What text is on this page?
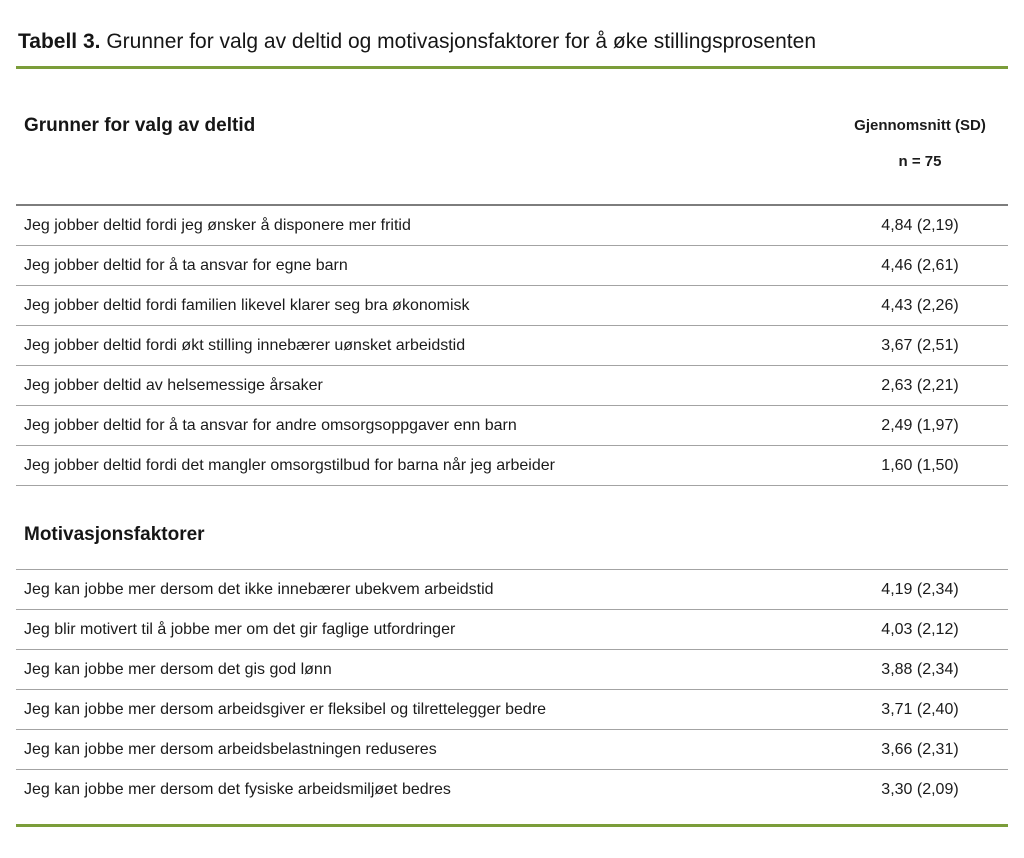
Tabell 3. Grunner for valg av deltid og motivasjonsfaktorer for å øke stillingsprosenten
Grunner for valg av deltid	Gjennomsnitt (SD)
n = 75
Jeg jobber deltid fordi jeg ønsker å disponere mer fritid	4,84 (2,19)
Jeg jobber deltid for å ta ansvar for egne barn	4,46 (2,61)
Jeg jobber deltid fordi familien likevel klarer seg bra økonomisk	4,43 (2,26)
Jeg jobber deltid fordi økt stilling innebærer uønsket arbeidstid	3,67 (2,51)
Jeg jobber deltid av helsemessige årsaker	2,63 (2,21)
Jeg jobber deltid for å ta ansvar for andre omsorgsoppgaver enn barn	2,49 (1,97)
Jeg jobber deltid fordi det mangler omsorgstilbud for barna når jeg arbeider	1,60 (1,50)
Motivasjonsfaktorer
Jeg kan jobbe mer dersom det ikke innebærer ubekvem arbeidstid	4,19 (2,34)
Jeg blir motivert til å jobbe mer om det gir faglige utfordringer	4,03 (2,12)
Jeg kan jobbe mer dersom det gis god lønn	3,88 (2,34)
Jeg kan jobbe mer dersom arbeidsgiver er fleksibel og tilrettelegger bedre	3,71 (2,40)
Jeg kan jobbe mer dersom arbeidsbelastningen reduseres	3,66 (2,31)
Jeg kan jobbe mer dersom det fysiske arbeidsmiljøet bedres	3,30 (2,09)
